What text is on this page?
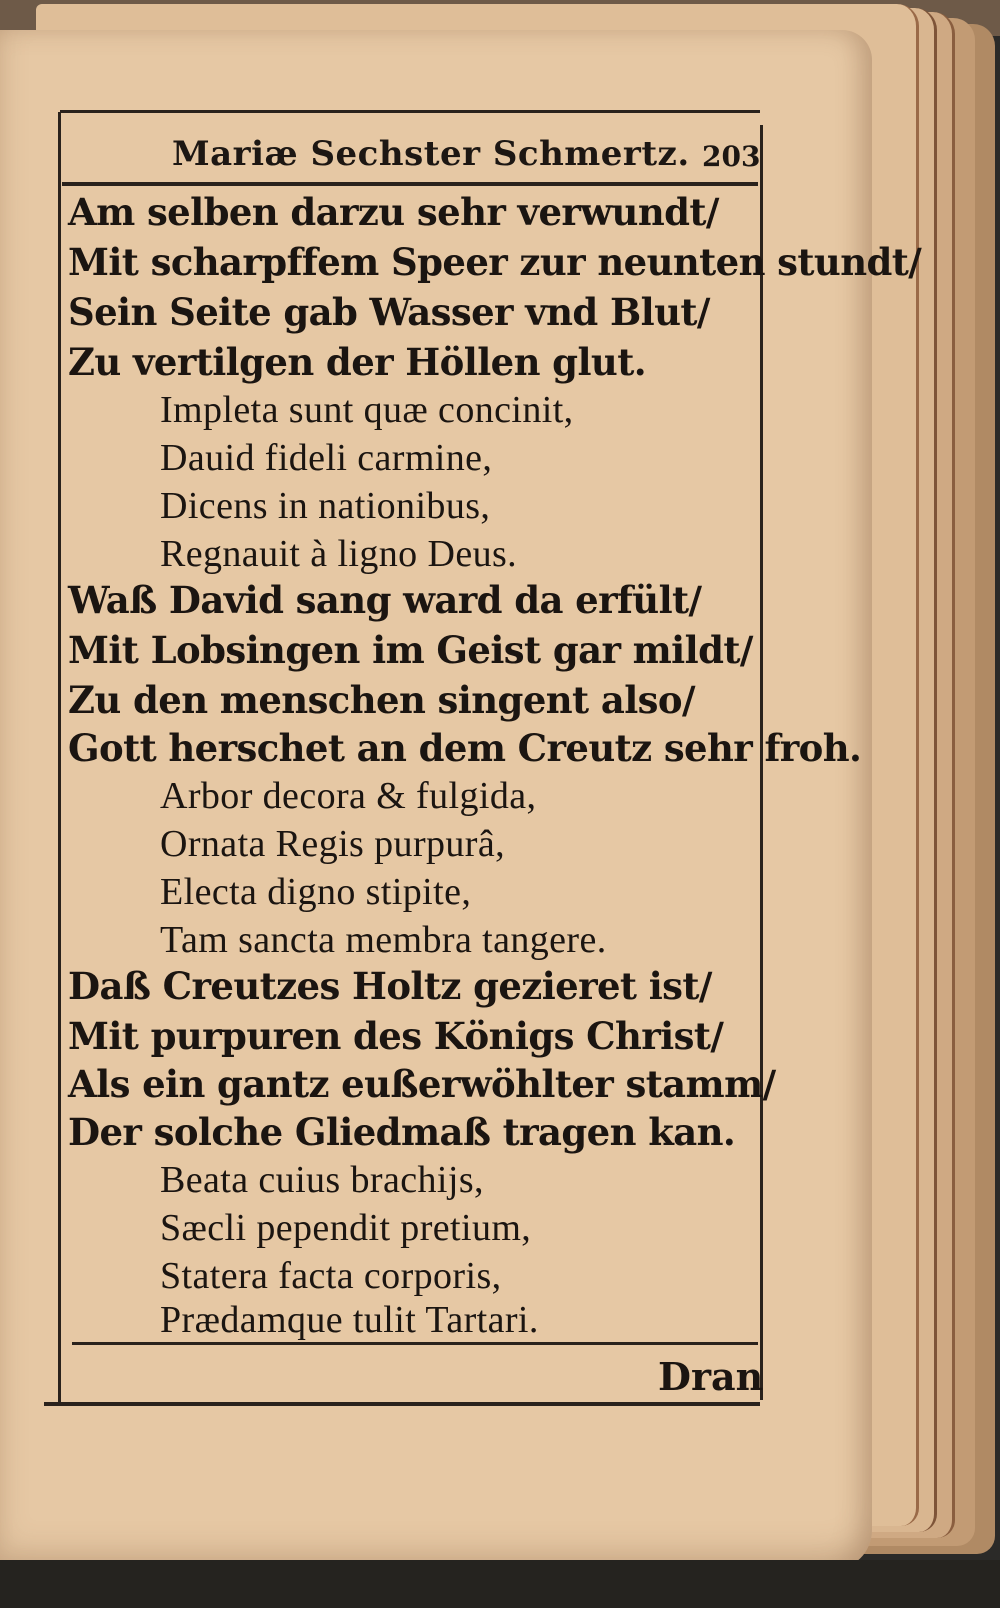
Mariæ Sechster Schmertz. 203
Am selben darzu sehr verwundt/
Mit scharpffem Speer zur neunten stundt/
Sein Seite gab Wasser vnd Blut/
Zu vertilgen der Höllen glut.
Impleta sunt quæ concinit,
Dauid fideli carmine,
Dicens in nationibus,
Regnauit à ligno Deus.
Waß David sang ward da erfült/
Mit Lobsingen im Geist gar mildt/
Zu den menschen singent also/
Gott herschet an dem Creutz sehr froh.
Arbor decora & fulgida,
Ornata Regis purpurâ,
Electa digno stipite,
Tam sancta membra tangere.
Daß Creutzes Holtz gezieret ist/
Mit purpuren des Königs Christ/
Als ein gantz eußerwöhlter stamm/
Der solche Gliedmaß tragen kan.
Beata cuius brachijs,
Sæcli pependit pretium,
Statera facta corporis,
Prædamque tulit Tartari.
Dran
